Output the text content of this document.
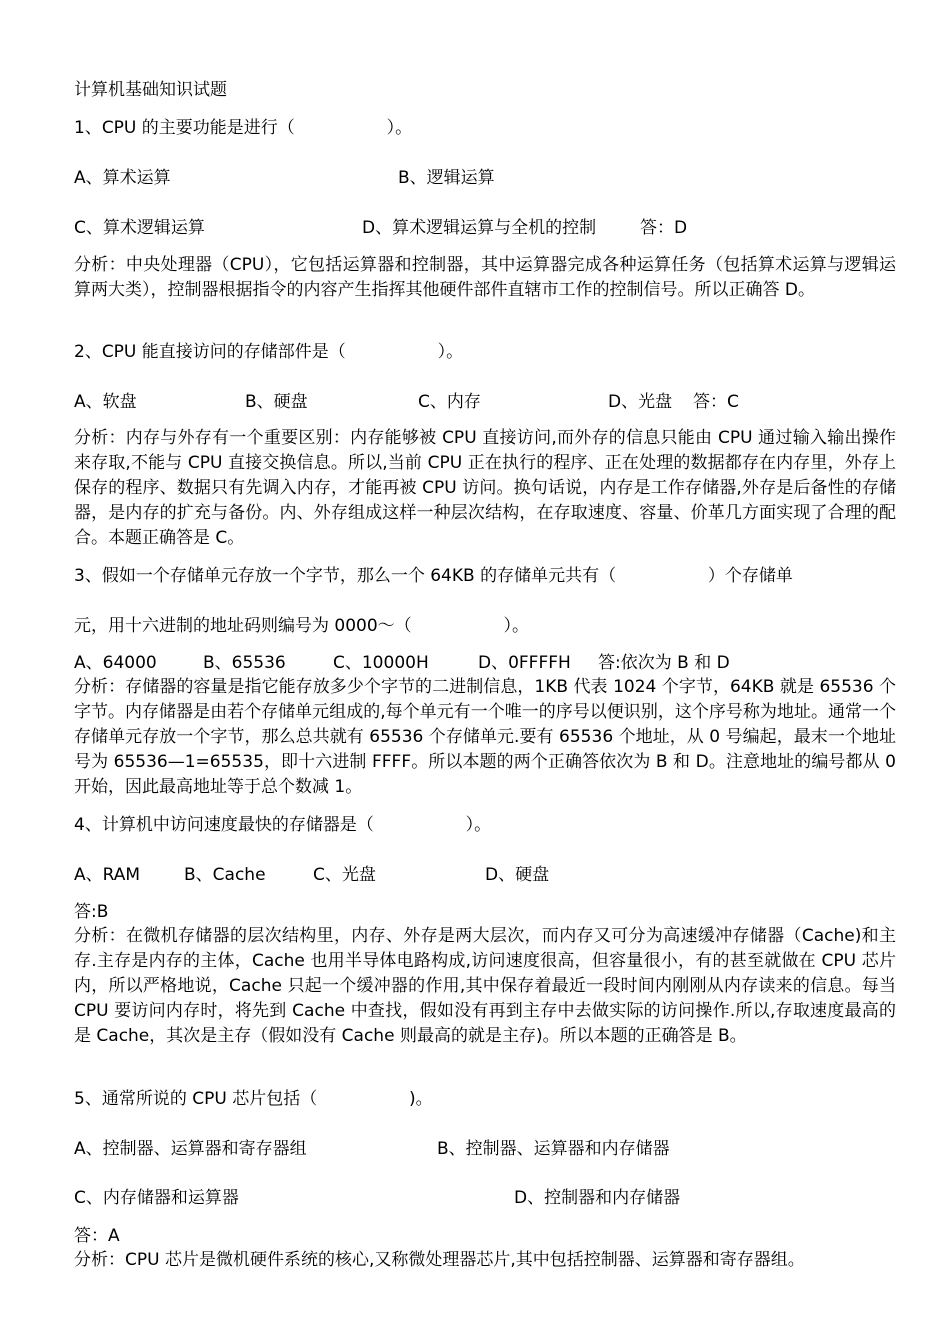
计算机基础知识试题
1、CPU 的主要功能是进行（                 ）。
A、算术运算	B、逻辑运算
C、算术逻辑运算	D、算术逻辑运算与全机的控制	答：D
分析：中央处理器（CPU），它包括运算器和控制器，其中运算器完成各种运算任务（包括算术运算与逻辑运算两大类），控制器根据指令的内容产生指挥其他硬件部件直辖市工作的控制信号。所以正确答 D。
2、CPU 能直接访问的存储部件是（                 ）。
A、软盘	B、硬盘	C、内存	D、光盘 答：C
分析：内存与外存有一个重要区别：内存能够被 CPU 直接访问,而外存的信息只能由 CPU 通过输入输出操作来存取,不能与 CPU 直接交换信息。所以,当前 CPU 正在执行的程序、正在处理的数据都存在内存里，外存上保存的程序、数据只有先调入内存，才能再被 CPU 访问。换句话说，内存是工作存储器,外存是后备性的存储器，是内存的扩充与备份。内、外存组成这样一种层次结构，在存取速度、容量、价革几方面实现了合理的配合。本题正确答是 C。
3、假如一个存储单元存放一个字节，那么一个 64KB 的存储单元共有（                 ）个存储单
元，用十六进制的地址码则编号为 0000～（                 ）。
A、64000	B、65536	C、10000H	D、0FFFFH 答:依次为 B 和 D
分析：存储器的容量是指它能存放多少个字节的二进制信息，1KB 代表 1024 个字节，64KB 就是 65536 个字节。内存储器是由若个存储单元组成的,每个单元有一个唯一的序号以便识别，这个序号称为地址。通常一个存储单元存放一个字节，那么总共就有 65536 个存储单元.要有 65536 个地址，从 0 号编起，最末一个地址号为 65536—1=65535，即十六进制 FFFF。所以本题的两个正确答依次为 B 和 D。注意地址的编号都从 0 开始，因此最高地址等于总个数减 1。
4、计算机中访问速度最快的存储器是（                 ）。
A、RAM	B、Cache	C、光盘	D、硬盘
答:B
分析：在微机存储器的层次结构里，内存、外存是两大层次，而内存又可分为高速缓冲存储器（Cache)和主存.主存是内存的主体，Cache 也用半导体电路构成,访问速度很高，但容量很小，有的甚至就做在 CPU 芯片内，所以严格地说，Cache 只起一个缓冲器的作用,其中保存着最近一段时间内刚刚从内存读来的信息。每当 CPU 要访问内存时，将先到 Cache 中查找，假如没有再到主存中去做实际的访问操作.所以,存取速度最高的是 Cache，其次是主存（假如没有 Cache 则最高的就是主存)。所以本题的正确答是 B。
5、通常所说的 CPU 芯片包括（                 )。
A、控制器、运算器和寄存器组	B、控制器、运算器和内存储器
C、内存储器和运算器	D、控制器和内存储器
答：A
分析：CPU 芯片是微机硬件系统的核心,又称微处理器芯片,其中包括控制器、运算器和寄存器组。
